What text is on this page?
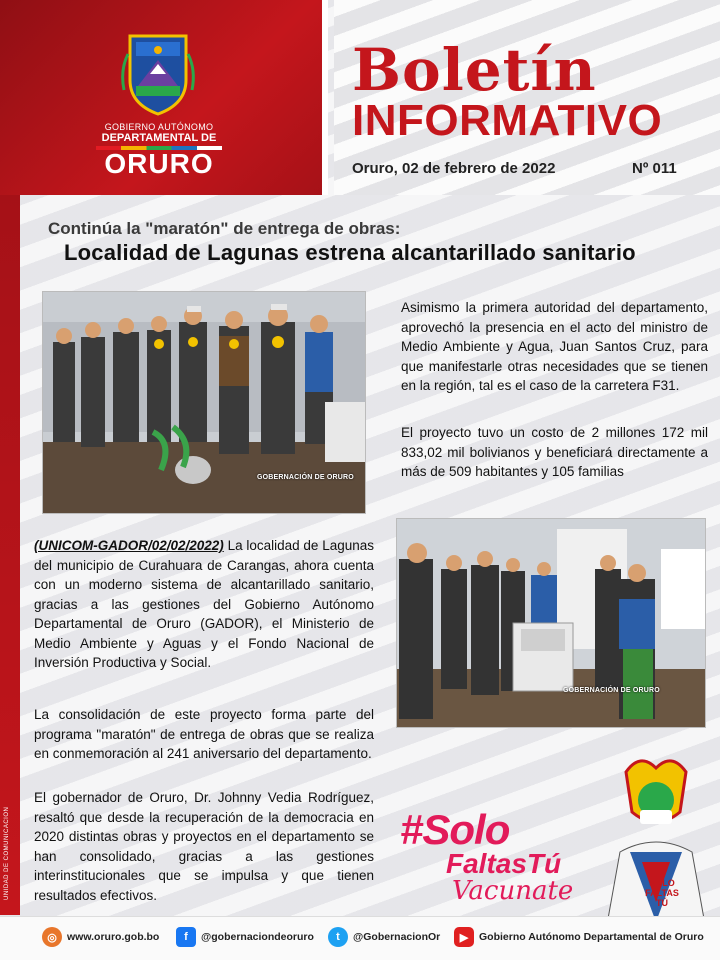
UNIDAD DE COMUNICACIÓN
GOBIERNO AUTÓNOMO
DEPARTAMENTAL DE
ORURO
Boletín
INFORMATIVO
Oruro, 02 de febrero de 2022	Nº 011
Continúa la "maratón" de entrega de obras:
Localidad de Lagunas estrena alcantarillado sanitario
GOBERNACIÓN DE ORURO
GOBERNACIÓN DE ORURO

Asimismo la primera autoridad del departamento, aprovechó la presencia en el acto del ministro de Medio Ambiente y Agua, Juan Santos Cruz, para que manifestarle otras necesidades que se tienen en la región, tal es el caso de la carretera F31.

El proyecto tuvo un costo de 2 millones 172 mil 833,02 mil bolivianos y beneficiará directamente a más de 509 habitantes y 105 familias

(UNICOM-GADOR/02/02/2022) La localidad de Lagunas del municipio de Curahuara de Carangas, ahora cuenta con un moderno sistema de alcantarillado sanitario, gracias a las gestiones del Gobierno Autónomo Departamental de Oruro (GADOR), el Ministerio de Medio Ambiente y Aguas y el Fondo Nacional de Inversión Productiva y Social.

La consolidación de este proyecto forma parte del programa "maratón" de entrega de obras que se realiza en conmemoración al 241 aniversario del departamento.

El gobernador de Oruro, Dr. Johnny Vedia Rodríguez, resaltó que desde la recuperación de la democracia en 2020 distintas obras y proyectos en el departamento se han consolidado, gracias a las gestiones interinstitucionales que se impulsa y que tienen resultados efectivos.

#Solo
FaltasTú
Vacunate	SOLO FALTAS TÚ
◎ www.oruro.gob.bo	f	@gobernaciondeoruro	t	@GobernacionOr	▶	Gobierno Autónomo Departamental de Oruro
